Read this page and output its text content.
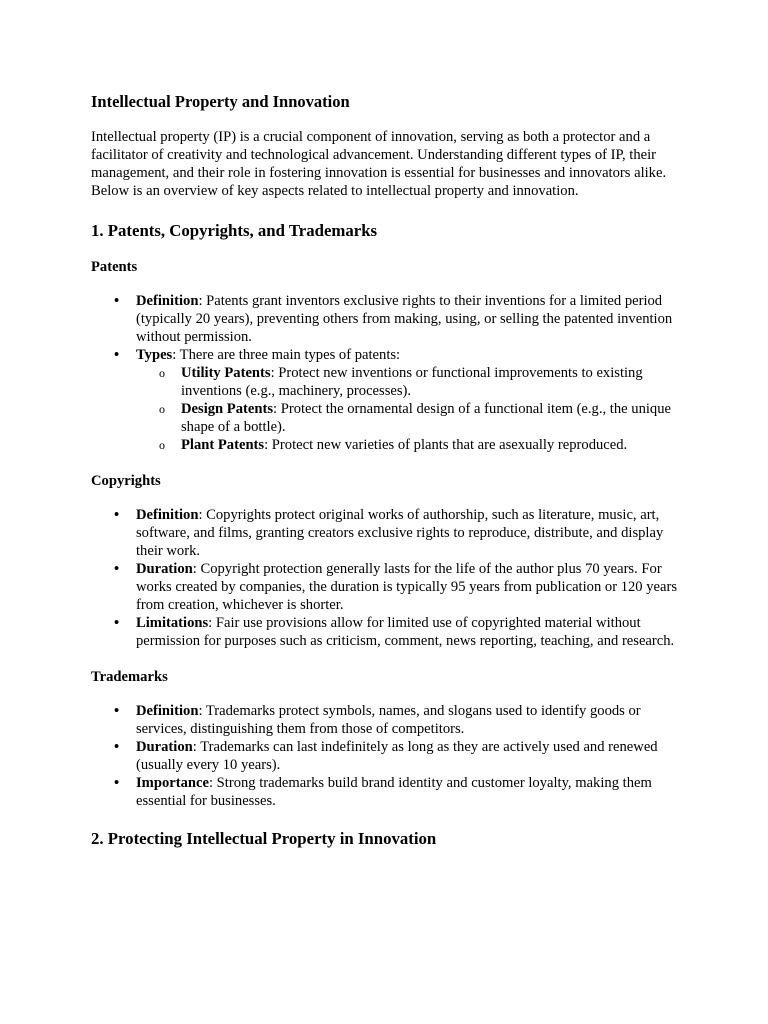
Intellectual Property and Innovation

Intellectual property (IP) is a crucial component of innovation, serving as both a protector and a facilitator of creativity and technological advancement. Understanding different types of IP, their management, and their role in fostering innovation is essential for businesses and innovators alike. Below is an overview of key aspects related to intellectual property and innovation.

1. Patents, Copyrights, and Trademarks
Patents
• Definition: Patents grant inventors exclusive rights to their inventions for a limited period (typically 20 years), preventing others from making, using, or selling the patented invention without permission.
• Types: There are three main types of patents:
o Utility Patents: Protect new inventions or functional improvements to existing inventions (e.g., machinery, processes).
o Design Patents: Protect the ornamental design of a functional item (e.g., the unique shape of a bottle).
o Plant Patents: Protect new varieties of plants that are asexually reproduced.
Copyrights
• Definition: Copyrights protect original works of authorship, such as literature, music, art, software, and films, granting creators exclusive rights to reproduce, distribute, and display their work.
• Duration: Copyright protection generally lasts for the life of the author plus 70 years. For works created by companies, the duration is typically 95 years from publication or 120 years from creation, whichever is shorter.
• Limitations: Fair use provisions allow for limited use of copyrighted material without permission for purposes such as criticism, comment, news reporting, teaching, and research.
Trademarks
• Definition: Trademarks protect symbols, names, and slogans used to identify goods or services, distinguishing them from those of competitors.
• Duration: Trademarks can last indefinitely as long as they are actively used and renewed (usually every 10 years).
• Importance: Strong trademarks build brand identity and customer loyalty, making them essential for businesses.
2. Protecting Intellectual Property in Innovation
